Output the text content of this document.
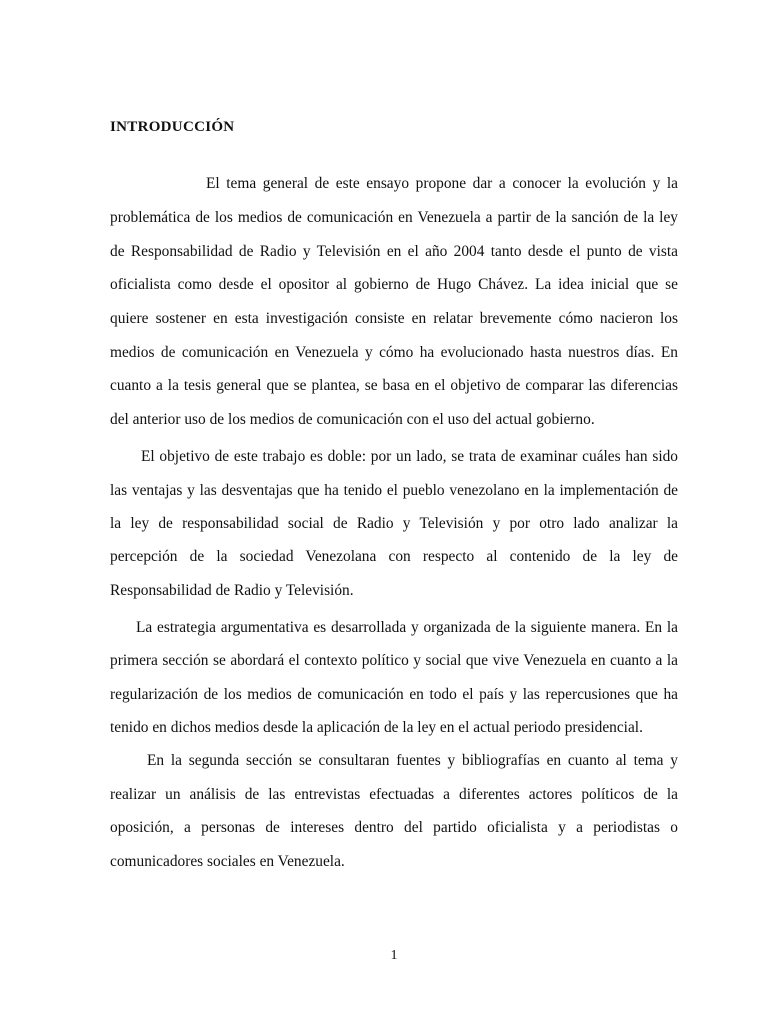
INTRODUCCIÓN
El tema general de este ensayo propone dar a conocer la evolución y la
problemática de los medios de comunicación en Venezuela a partir de la sanción de la ley
de Responsabilidad de Radio y Televisión en el año 2004 tanto desde el punto de vista
oficialista como desde el opositor al gobierno de Hugo Chávez. La idea inicial que se
quiere sostener en esta investigación consiste en relatar brevemente cómo nacieron los
medios de comunicación en Venezuela y cómo ha evolucionado hasta nuestros días. En
cuanto a la tesis general que se plantea, se basa en el objetivo de comparar las diferencias
del anterior uso de los medios de comunicación con el uso del actual gobierno.
El objetivo de este trabajo es doble: por un lado, se trata de examinar cuáles han sido
las ventajas y las desventajas que ha tenido el pueblo venezolano en la implementación de
la ley de responsabilidad social de Radio y Televisión y por otro lado analizar la
percepción de la sociedad Venezolana con respecto al contenido de la ley de
Responsabilidad de Radio y Televisión.
La estrategia argumentativa es desarrollada y organizada de la siguiente manera. En la
primera sección se abordará el contexto político y social que vive Venezuela en cuanto a la
regularización de los medios de comunicación en todo el país y las repercusiones que ha
tenido en dichos medios desde la aplicación de la ley en el actual periodo presidencial.
En la segunda sección se consultaran fuentes y bibliografías en cuanto al tema y
realizar un análisis de las entrevistas efectuadas a diferentes actores políticos de la
oposición, a personas de intereses dentro del partido oficialista y a periodistas o
comunicadores sociales en Venezuela.
1
